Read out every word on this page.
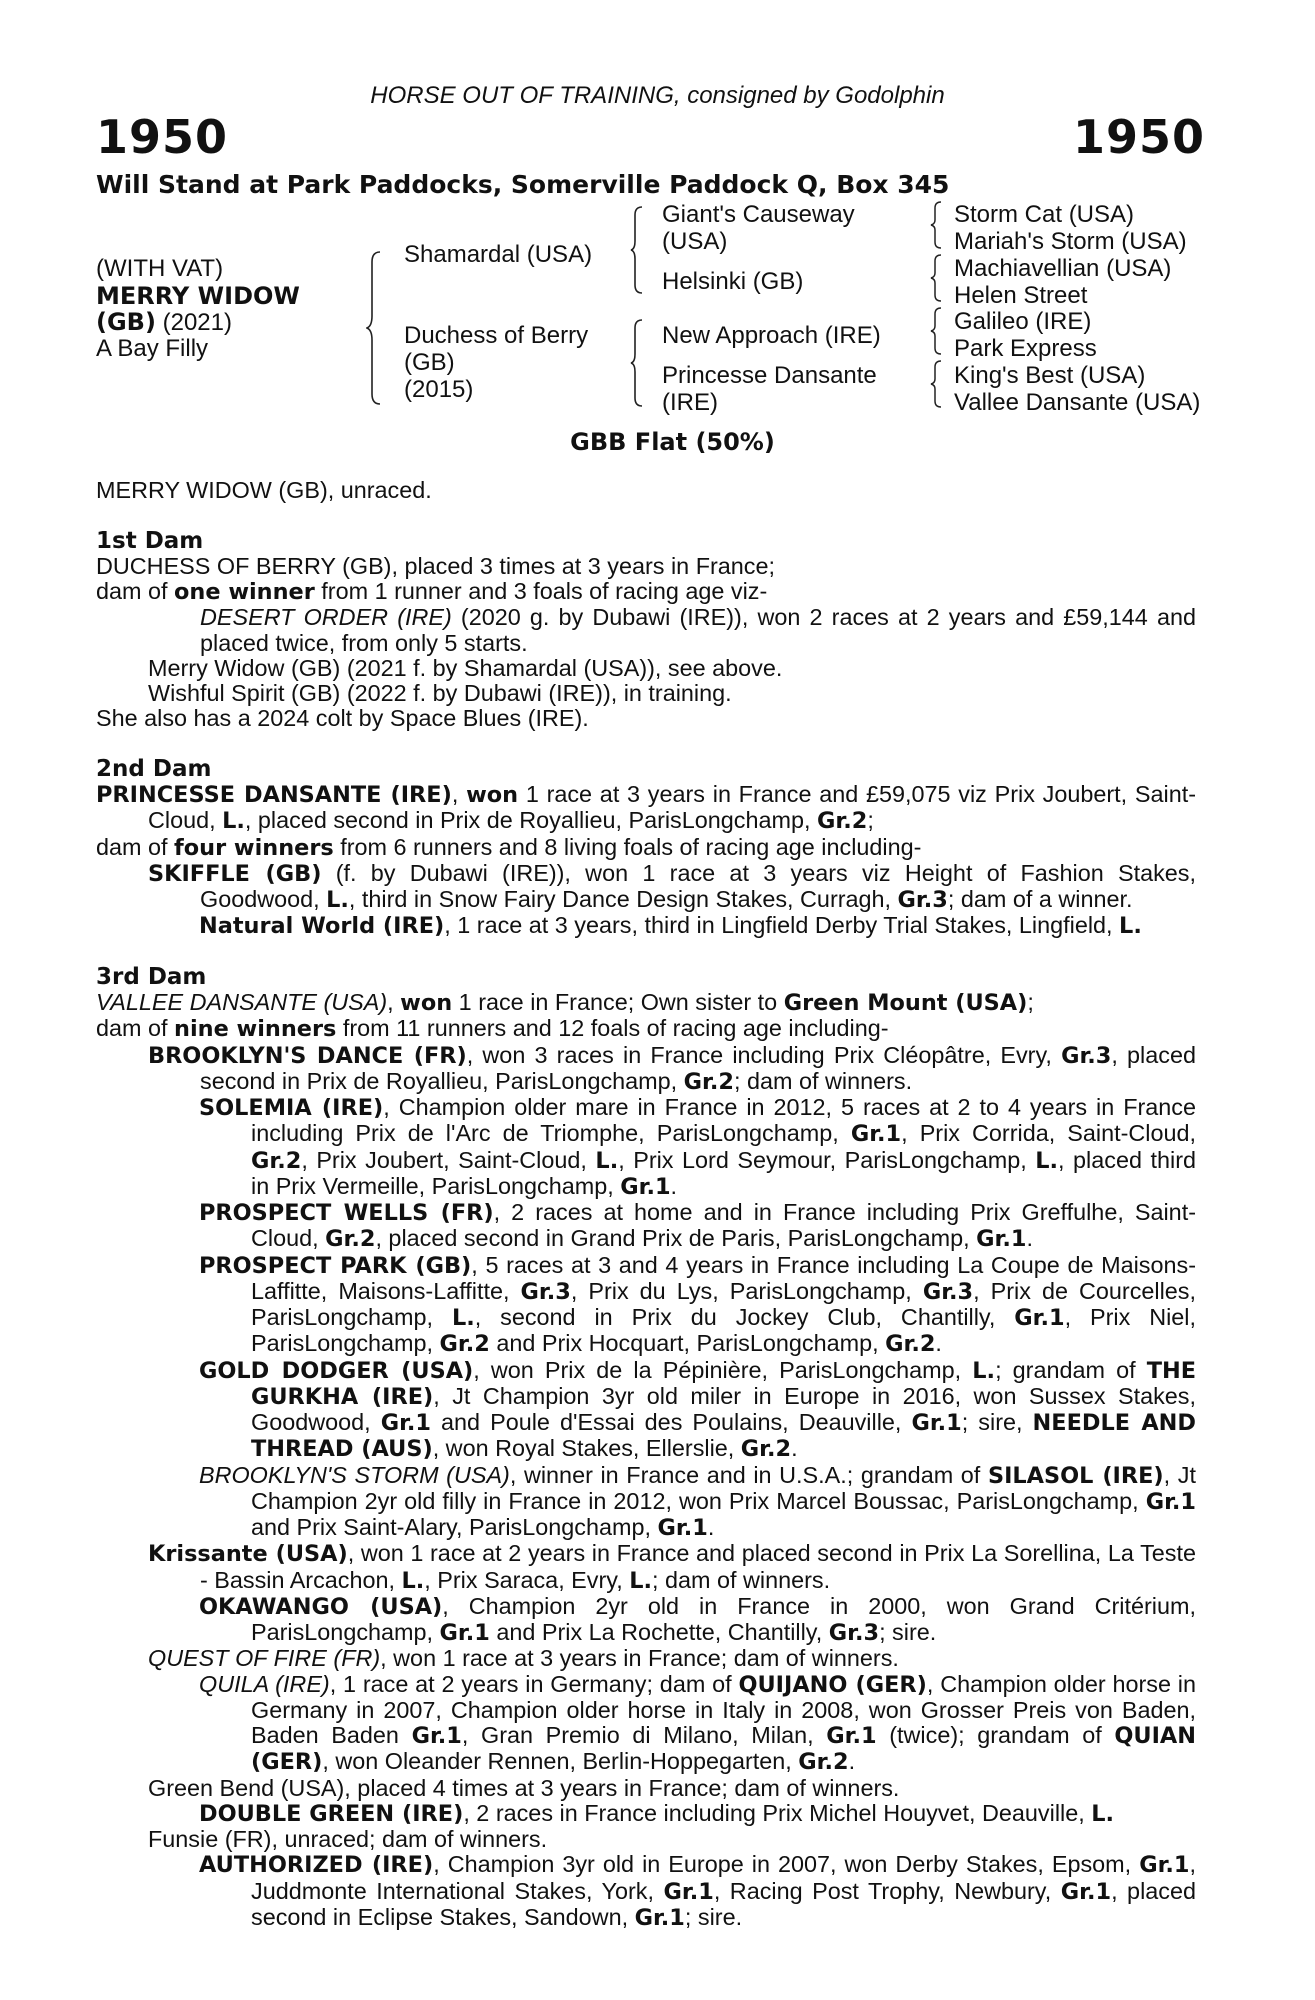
HORSE OUT OF TRAINING, consigned by Godolphin
1950	1950
Will Stand at Park Paddocks, Somerville Paddock Q, Box 345
(WITH VAT)
MERRY WIDOW
(GB) (2021)
A Bay Filly
Shamardal (USA)
Duchess of Berry
(GB)
(2015)
Giant's Causeway
(USA)
Helsinki (GB)
New Approach (IRE)
Princesse Dansante
(IRE)
Storm Cat (USA)
Mariah's Storm (USA)
Machiavellian (USA)
Helen Street
Galileo (IRE)
Park Express
King's Best (USA)
Vallee Dansante (USA)
GBB Flat (50%)

MERRY WIDOW (GB), unraced.

1st Dam

DUCHESS OF BERRY (GB), placed 3 times at 3 years in France;

dam of one winner from 1 runner and 3 foals of racing age viz-

DESERT ORDER (IRE) (2020 g. by Dubawi (IRE)), won 2 races at 2 years and £59,144 and placed twice, from only 5 starts.

Merry Widow (GB) (2021 f. by Shamardal (USA)), see above.

Wishful Spirit (GB) (2022 f. by Dubawi (IRE)), in training.

She also has a 2024 colt by Space Blues (IRE).

2nd Dam

PRINCESSE DANSANTE (IRE), won 1 race at 3 years in France and £59,075 viz Prix Joubert, Saint-Cloud, L., placed second in Prix de Royallieu, ParisLongchamp, Gr.2;

dam of four winners from 6 runners and 8 living foals of racing age including-

SKIFFLE (GB) (f. by Dubawi (IRE)), won 1 race at 3 years viz Height of Fashion Stakes, Goodwood, L., third in Snow Fairy Dance Design Stakes, Curragh, Gr.3; dam of a winner.

Natural World (IRE), 1 race at 3 years, third in Lingfield Derby Trial Stakes, Lingfield, L.

3rd Dam

VALLEE DANSANTE (USA), won 1 race in France; Own sister to Green Mount (USA);

dam of nine winners from 11 runners and 12 foals of racing age including-

BROOKLYN'S DANCE (FR), won 3 races in France including Prix Cléopâtre, Evry, Gr.3, placed second in Prix de Royallieu, ParisLongchamp, Gr.2; dam of winners.

SOLEMIA (IRE), Champion older mare in France in 2012, 5 races at 2 to 4 years in France including Prix de l'Arc de Triomphe, ParisLongchamp, Gr.1, Prix Corrida, Saint-Cloud, Gr.2, Prix Joubert, Saint-Cloud, L., Prix Lord Seymour, ParisLongchamp, L., placed third in Prix Vermeille, ParisLongchamp, Gr.1.

PROSPECT WELLS (FR), 2 races at home and in France including Prix Greffulhe, Saint-Cloud, Gr.2, placed second in Grand Prix de Paris, ParisLongchamp, Gr.1.

PROSPECT PARK (GB), 5 races at 3 and 4 years in France including La Coupe de Maisons-Laffitte, Maisons-Laffitte, Gr.3, Prix du Lys, ParisLongchamp, Gr.3, Prix de Courcelles, ParisLongchamp, L., second in Prix du Jockey Club, Chantilly, Gr.1, Prix Niel, ParisLongchamp, Gr.2 and Prix Hocquart, ParisLongchamp, Gr.2.

GOLD DODGER (USA), won Prix de la Pépinière, ParisLongchamp, L.; grandam of THE GURKHA (IRE), Jt Champion 3yr old miler in Europe in 2016, won Sussex Stakes, Goodwood, Gr.1 and Poule d'Essai des Poulains, Deauville, Gr.1; sire, NEEDLE AND THREAD (AUS), won Royal Stakes, Ellerslie, Gr.2.

BROOKLYN'S STORM (USA), winner in France and in U.S.A.; grandam of SILASOL (IRE), Jt Champion 2yr old filly in France in 2012, won Prix Marcel Boussac, ParisLongchamp, Gr.1 and Prix Saint-Alary, ParisLongchamp, Gr.1.

Krissante (USA), won 1 race at 2 years in France and placed second in Prix La Sorellina, La Teste - Bassin Arcachon, L., Prix Saraca, Evry, L.; dam of winners.

OKAWANGO (USA), Champion 2yr old in France in 2000, won Grand Critérium, ParisLongchamp, Gr.1 and Prix La Rochette, Chantilly, Gr.3; sire.

QUEST OF FIRE (FR), won 1 race at 3 years in France; dam of winners.

QUILA (IRE), 1 race at 2 years in Germany; dam of QUIJANO (GER), Champion older horse in Germany in 2007, Champion older horse in Italy in 2008, won Grosser Preis von Baden, Baden Baden Gr.1, Gran Premio di Milano, Milan, Gr.1 (twice); grandam of QUIAN (GER), won Oleander Rennen, Berlin-Hoppegarten, Gr.2.

Green Bend (USA), placed 4 times at 3 years in France; dam of winners.

DOUBLE GREEN (IRE), 2 races in France including Prix Michel Houyvet, Deauville, L.

Funsie (FR), unraced; dam of winners.

AUTHORIZED (IRE), Champion 3yr old in Europe in 2007, won Derby Stakes, Epsom, Gr.1, Juddmonte International Stakes, York, Gr.1, Racing Post Trophy, Newbury, Gr.1, placed second in Eclipse Stakes, Sandown, Gr.1; sire.
